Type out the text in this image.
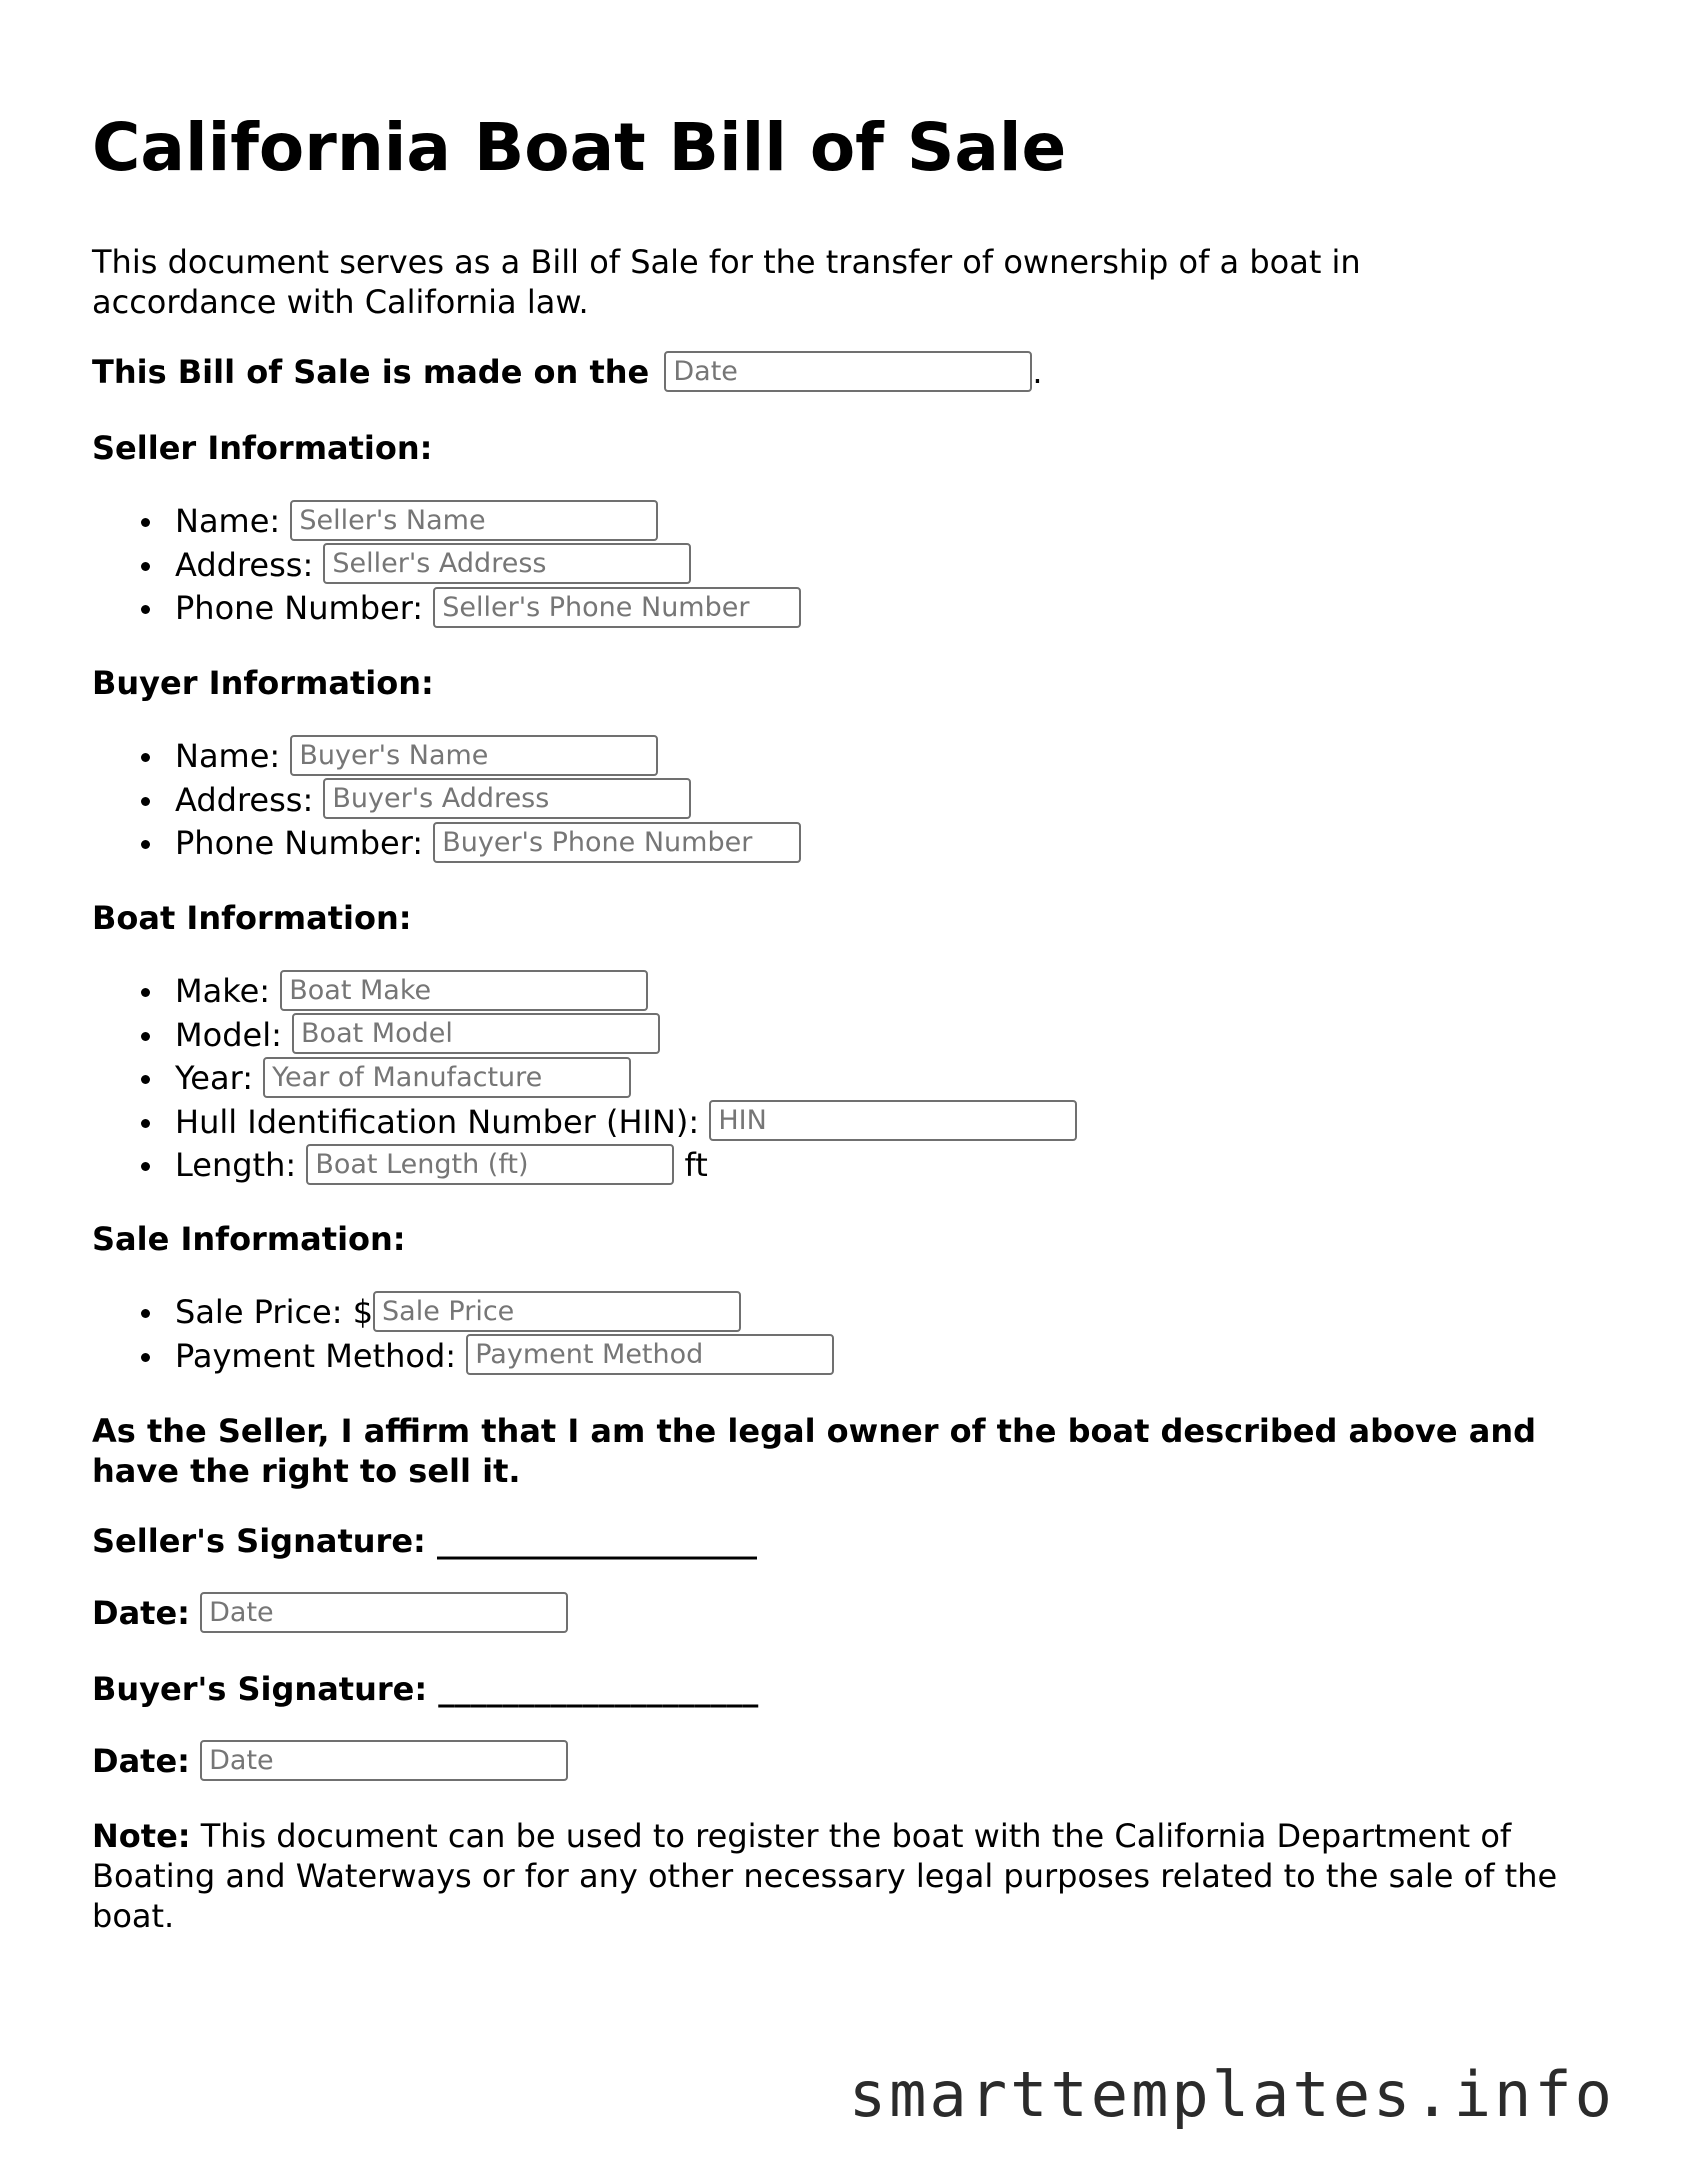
California Boat Bill of Sale
This document serves as a Bill of Sale for the transfer of ownership of a boat in accordance with California law.
This Bill of Sale is made on the Date	.
Seller Information:
Name: Seller's Name
Address: Seller's Address
Phone Number: Seller's Phone Number
Buyer Information:
Name: Buyer's Name
Address: Buyer's Address
Phone Number: Buyer's Phone Number
Boat Information:
Make: Boat Make
Model: Boat Model
Year: Year of Manufacture
Hull Identification Number (HIN): HIN
Length: Boat Length (ft)	ft
Sale Information:
Sale Price: $Sale Price
Payment Method: Payment Method
As the Seller, I affirm that I am the legal owner of the boat described above and have the right to sell it.
Seller's Signature: ____________________
Date: Date
Buyer's Signature: ____________________
Date: Date
Note: This document can be used to register the boat with the California Department of Boating and Waterways or for any other necessary legal purposes related to the sale of the boat.
smarttemplates.info
